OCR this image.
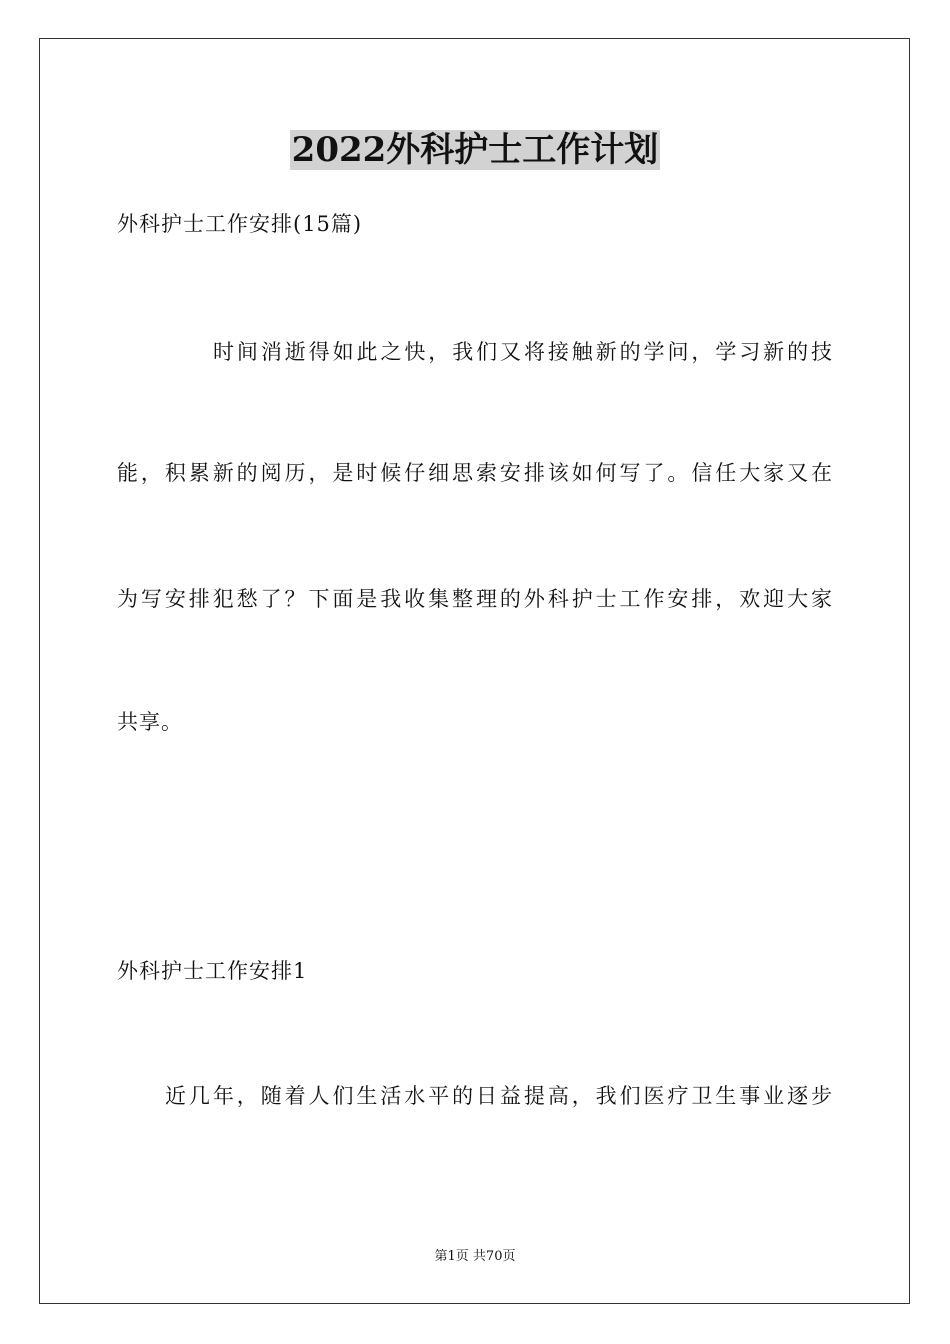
2022外科护士工作计划
外科护士工作安排(15篇)
时间消逝得如此之快，我们又将接触新的学问，学习新的技
能，积累新的阅历，是时候仔细思索安排该如何写了。信任大家又在
为写安排犯愁了？下面是我收集整理的外科护士工作安排，欢迎大家
共享。
外科护士工作安排1
近几年，随着人们生活水平的日益提高，我们医疗卫生事业逐步
第1页 共70页
